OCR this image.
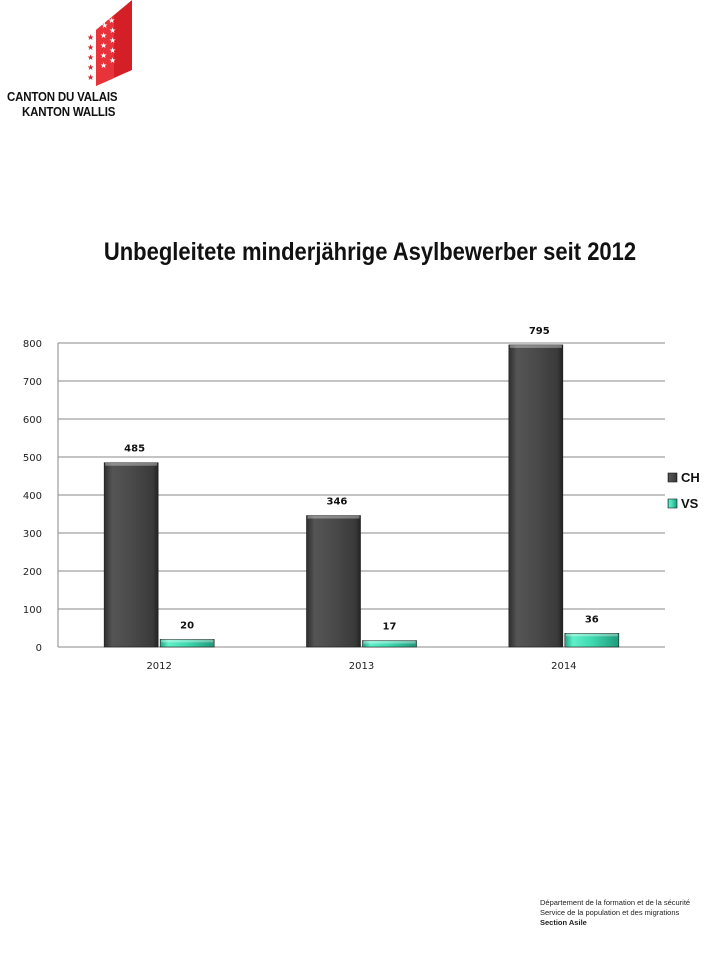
★
★
★
★
★
★
★
★
★
★
★
★
★
★
★
CANTON DU VALAIS
KANTON WALLIS
Unbegleitete minderjährige Asylbewerber seit 2012
0
100
200
300
400
500
600
700
800
485
20
346
17
795
36
2012	2013	2014
CH
VS
Département de la formation et de la sécurité
Service de la population et des migrations
Section Asile
